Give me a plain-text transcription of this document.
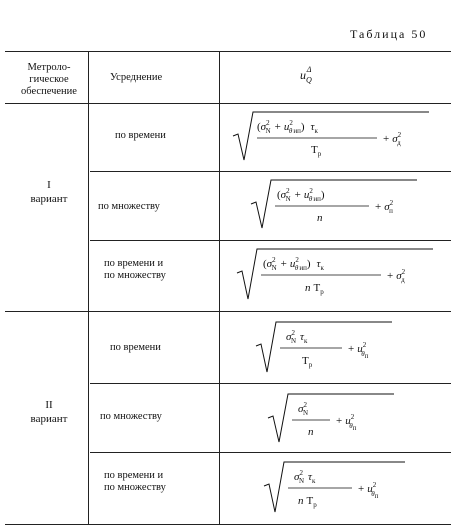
Таблица 50
Метроло-
гическое
обеспечение
Усреднение	$u_Q^\Delta$
I
вариант
II
вариант
по времени
по множеству
по времени и
по множеству
по времени
по множеству
по времени и
по множеству
($\sigma^2$ $N + u^2$ θип) $\tau_к$
$T_р$
+ $\sigma^2$ д
($\sigma^2$ $N + u^2$ θип)
n
+ $\sigma^2$ п
($\sigma^2$ $N + u^2$ θип) $\tau_к$
n $T_р$
+ $\sigma^2$ д
$\sigma^2$ N $\tau_к$
$T_р$
+ $u^2$ θп
$\sigma^2$ N
n
+ $u^2$ θп
$\sigma^2$ N $\tau_к$
n $T_р$
+ $u^2$ θп
